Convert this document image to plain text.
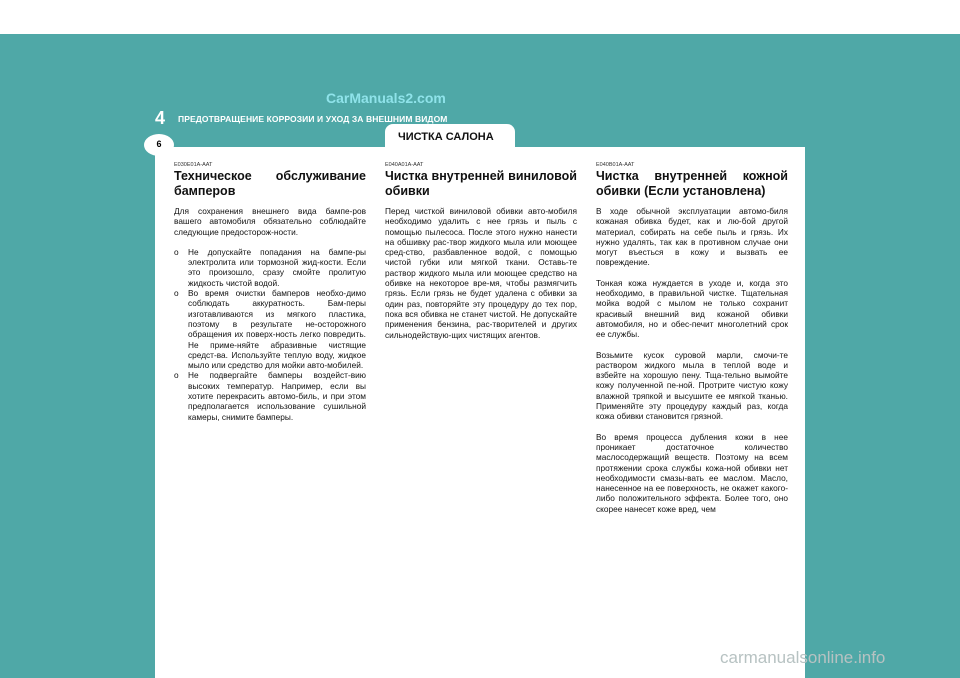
CarManuals2.com
4	ПРЕДОТВРАЩЕНИЕ КОРРОЗИИ И УХОД ЗА ВНЕШНИМ ВИДОМ
ЧИСТКА САЛОНА
6
E030E01A-AAT
Техническое обслуживание бамперов

Для сохранения внешнего вида бампе-ров вашего автомобиля обязательно соблюдайте следующие предосторож-ности.

o Не допускайте попадания на бампе-ры электролита или тормозной жид-кости. Если это произошло, сразу смойте пролитую жидкость чистой водой.
o Во время очистки бамперов необхо-димо соблюдать аккуратность. Бам-перы изготавливаются из мягкого пластика, поэтому в результате не-осторожного обращения их поверх-ность легко повредить. Не приме-няйте абразивные чистящие средст-ва. Используйте теплую воду, жидкое мыло или средство для мойки авто-мобилей.
o Не подвергайте бамперы воздейст-вию высоких температур. Например, если вы хотите перекрасить автомо-биль, и при этом предполагается использование сушильной камеры, снимите бамперы.
E040A01A-AAT
Чистка внутренней виниловой обивки

Перед чисткой виниловой обивки авто-мобиля необходимо удалить с нее грязь и пыль с помощью пылесоса. После этого нужно нанести на обшивку рас-твор жидкого мыла или моющее сред-ство, разбавленное водой, с помощью чистой губки или мягкой ткани. Оставь-те раствор жидкого мыла или моющее средство на обивке на некоторое вре-мя, чтобы размягчить грязь. Если грязь не будет удалена с обивки за один раз, повторяйте эту процедуру до тех пор, пока вся обивка не станет чистой. Не допускайте применения бензина, рас-творителей и других сильнодействую-щих чистящих агентов.

E040B01A-AAT
Чистка внутренней кожной обивки (Если установлена)

В ходе обычной эксплуатации автомо-биля кожаная обивка будет, как и лю-бой другой материал, собирать на себе пыль и грязь. Их нужно удалять, так как в противном случае они могут въесться в кожу и вызвать ее повреждение.

Тонкая кожа нуждается в уходе и, когда это необходимо, в правильной чистке. Тщательная мойка водой с мылом не только сохранит красивый внешний вид кожаной обивки автомобиля, но и обес-печит многолетний срок ее службы.

Возьмите кусок суровой марли, смочи-те раствором жидкого мыла в теплой воде и взбейте на хорошую пену. Тща-тельно вымойте кожу полученной пе-ной. Протрите чистую кожу влажной тряпкой и высушите ее мягкой тканью. Применяйте эту процедуру каждый раз, когда кожа обивки становится грязной.

Во время процесса дубления кожи в нее проникает достаточное количество маслосодержащий веществ. Поэтому на всем протяжении срока службы кожа-ной обивки нет необходимости смазы-вать ее маслом. Масло, нанесенное на ее поверхность, не окажет какого-либо положительного эффекта. Более того, оно скорее нанесет коже вред, чем

carmanualsonline.info
